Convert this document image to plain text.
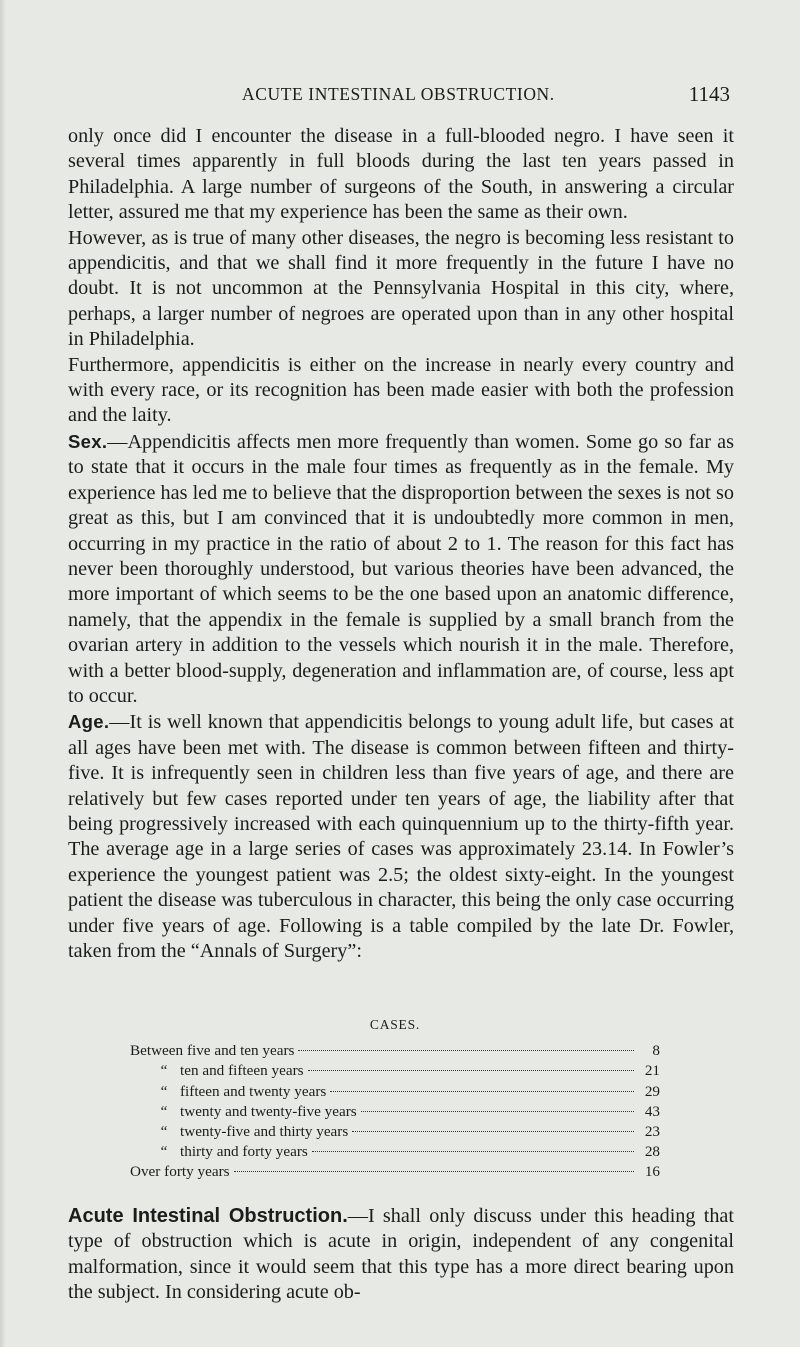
ACUTE INTESTINAL OBSTRUCTION.	1143

only once did I encounter the disease in a full-blooded negro. I have seen it several times apparently in full bloods during the last ten years passed in Philadelphia. A large number of surgeons of the South, in answering a circular letter, assured me that my experience has been the same as their own.

However, as is true of many other diseases, the negro is becoming less resistant to appendicitis, and that we shall find it more frequently in the future I have no doubt. It is not uncommon at the Pennsylvania Hospital in this city, where, perhaps, a larger number of negroes are operated upon than in any other hospital in Philadelphia.

Furthermore, appendicitis is either on the increase in nearly every country and with every race, or its recognition has been made easier with both the profession and the laity.

Sex.—Appendicitis affects men more frequently than women. Some go so far as to state that it occurs in the male four times as frequently as in the female. My experience has led me to believe that the disproportion between the sexes is not so great as this, but I am convinced that it is undoubtedly more common in men, occurring in my practice in the ratio of about 2 to 1. The reason for this fact has never been thoroughly understood, but various theories have been advanced, the more important of which seems to be the one based upon an anatomic difference, namely, that the appendix in the female is supplied by a small branch from the ovarian artery in addition to the vessels which nourish it in the male. Therefore, with a better blood-supply, degeneration and inflammation are, of course, less apt to occur.

Age.—It is well known that appendicitis belongs to young adult life, but cases at all ages have been met with. The disease is common between fifteen and thirty-five. It is infrequently seen in children less than five years of age, and there are relatively but few cases reported under ten years of age, the liability after that being progressively increased with each quinquennium up to the thirty-fifth year. The average age in a large series of cases was approximately 23.14. In Fowler’s experience the youngest patient was 2.5; the oldest sixty-eight. In the youngest patient the disease was tuberculous in character, this being the only case occurring under five years of age. Following is a table compiled by the late Dr. Fowler, taken from the “Annals of Surgery”:

CASES.
Between five and ten years	8
“ ten and fifteen years	21
“ fifteen and twenty years	29
“ twenty and twenty-five years	43
“ twenty-five and thirty years	23
“ thirty and forty years	28
Over forty years	16

Acute Intestinal Obstruction.—I shall only discuss under this heading that type of obstruction which is acute in origin, independent of any congenital malformation, since it would seem that this type has a more direct bearing upon the subject. In considering acute ob-
